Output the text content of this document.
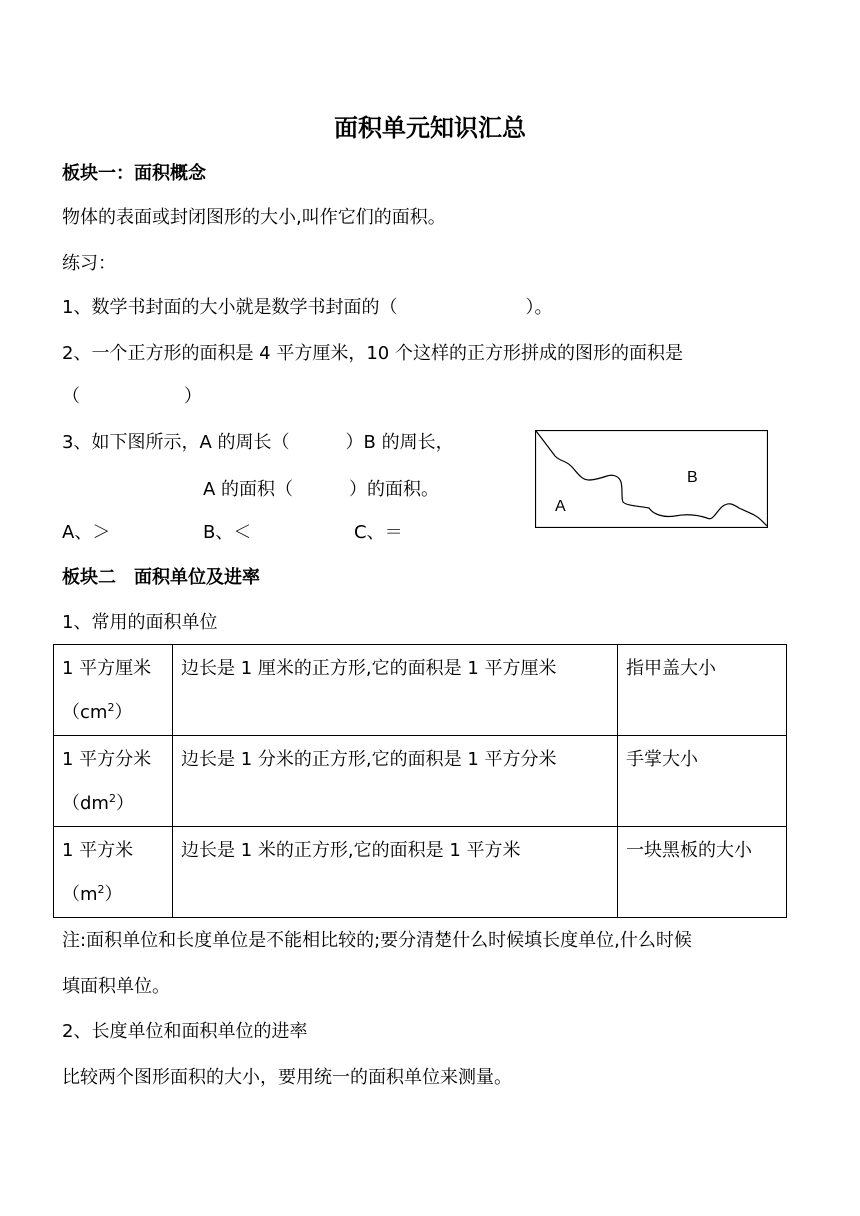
面积单元知识汇总
板块一：面积概念
物体的表面或封闭图形的大小,叫作它们的面积。
练习：
1、数学书封面的大小就是数学书封面的（	）。
2、一个正方形的面积是 4 平方厘米，10 个这样的正方形拼成的图形的面积是
（	）
3、如下图所示，A 的周长（	）B 的周长，
A 的面积（	）的面积。
A、＞	B、＜	C、＝
A
B
板块二　面积单位及进率
1、常用的面积单位
1 平方厘米
$(cm^2)$	边长是 1 厘米的正方形,它的面积是 1 平方厘米	指甲盖大小

1 平方分米
$(dm^2)$	边长是 1 分米的正方形,它的面积是 1 平方分米	手掌大小

1 平方米
$(m^2)$	边长是 1 米的正方形,它的面积是 1 平方米	一块黑板的大小
注:面积单位和长度单位是不能相比较的;要分清楚什么时候填长度单位,什么时候
填面积单位。
2、长度单位和面积单位的进率
比较两个图形面积的大小，要用统一的面积单位来测量。
